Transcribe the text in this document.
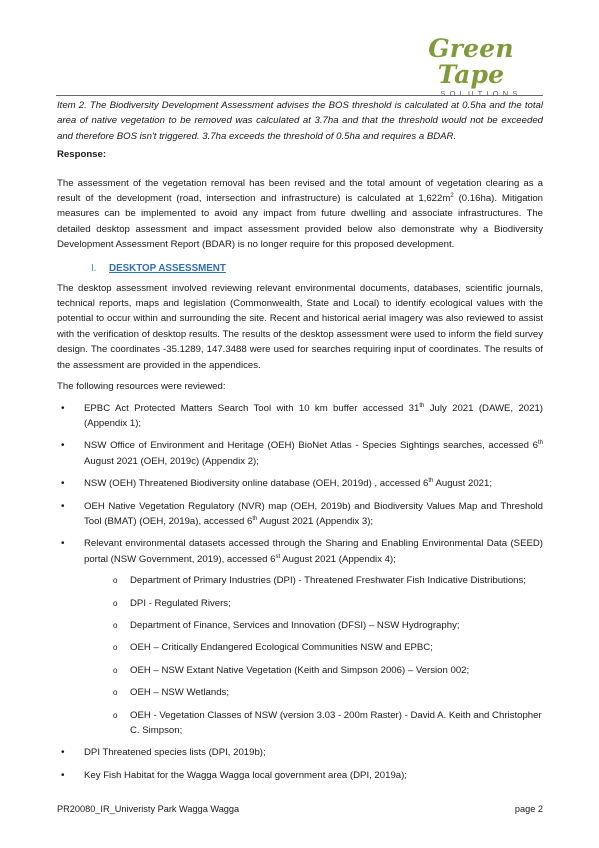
Green Tape
SOLUTIONS

Item 2. The Biodiversity Development Assessment advises the BOS threshold is calculated at 0.5ha and the total area of native vegetation to be removed was calculated at 3.7ha and that the threshold would not be exceeded and therefore BOS isn't triggered. 3.7ha exceeds the threshold of 0.5ha and requires a BDAR.

Response:

The assessment of the vegetation removal has been revised and the total amount of vegetation clearing as a result of the development (road, intersection and infrastructure) is calculated at $1,622m^2$ (0.16ha). Mitigation measures can be implemented to avoid any impact from future dwelling and associate infrastructures. The detailed desktop assessment and impact assessment provided below also demonstrate why a Biodiversity Development Assessment Report (BDAR) is no longer require for this proposed development.

I.	DESKTOP ASSESSMENT

The desktop assessment involved reviewing relevant environmental documents, databases, scientific journals, technical reports, maps and legislation (Commonwealth, State and Local) to identify ecological values with the potential to occur within and surrounding the site. Recent and historical aerial imagery was also reviewed to assist with the verification of desktop results. The results of the desktop assessment were used to inform the field survey design. The coordinates -35.1289, 147.3488 were used for searches requiring input of coordinates. The results of the assessment are provided in the appendices.

The following resources were reviewed:

• EPBC Act Protected Matters Search Tool with 10 km buffer accessed 31th July 2021 (DAWE, 2021) (Appendix 1);
• NSW Office of Environment and Heritage (OEH) BioNet Atlas - Species Sightings searches, accessed 6th August 2021 (OEH, 2019c) (Appendix 2);
• NSW (OEH) Threatened Biodiversity online database (OEH, 2019d) , accessed 6th August 2021;
• OEH Native Vegetation Regulatory (NVR) map (OEH, 2019b) and Biodiversity Values Map and Threshold Tool (BMAT) (OEH, 2019a), accessed 6th August 2021 (Appendix 3);
• Relevant environmental datasets accessed through the Sharing and Enabling Environmental Data (SEED) portal (NSW Government, 2019), accessed 6st August 2021 (Appendix 4);
o Department of Primary Industries (DPI) - Threatened Freshwater Fish Indicative Distributions;
o DPI - Regulated Rivers;
o Department of Finance, Services and Innovation (DFSI) – NSW Hydrography;
o OEH – Critically Endangered Ecological Communities NSW and EPBC;
o OEH – NSW Extant Native Vegetation (Keith and Simpson 2006) – Version 002;
o OEH – NSW Wetlands;
o OEH - Vegetation Classes of NSW (version 3.03 - 200m Raster) - David A. Keith and Christopher C. Simpson;
• DPI Threatened species lists (DPI, 2019b);
• Key Fish Habitat for the Wagga Wagga local government area (DPI, 2019a);
PR20080_IR_Univeristy Park Wagga Wagga	page 2
